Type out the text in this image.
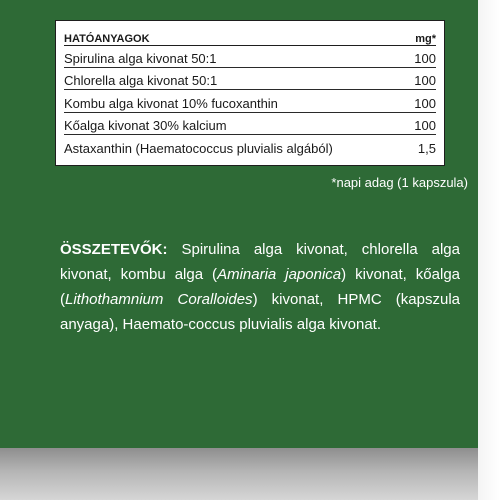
HATÓANYAGOK	mg*
Spirulina alga kivonat 50:1	100
Chlorella alga kivonat 50:1	100
Kombu alga kivonat 10% fucoxanthin	100
Kőalga kivonat 30% kalcium	100
Astaxanthin (Haematococcus pluvialis algából)	1,5
*napi adag (1 kapszula)
ÖSSZETEVŐK: Spirulina alga kivonat, chlorella alga kivonat, kombu alga (Aminaria japonica) kivonat, kőalga (Lithothamnium Coralloides) kivonat, HPMC (kapszula anyaga), Haemato-coccus pluvialis alga kivonat.
